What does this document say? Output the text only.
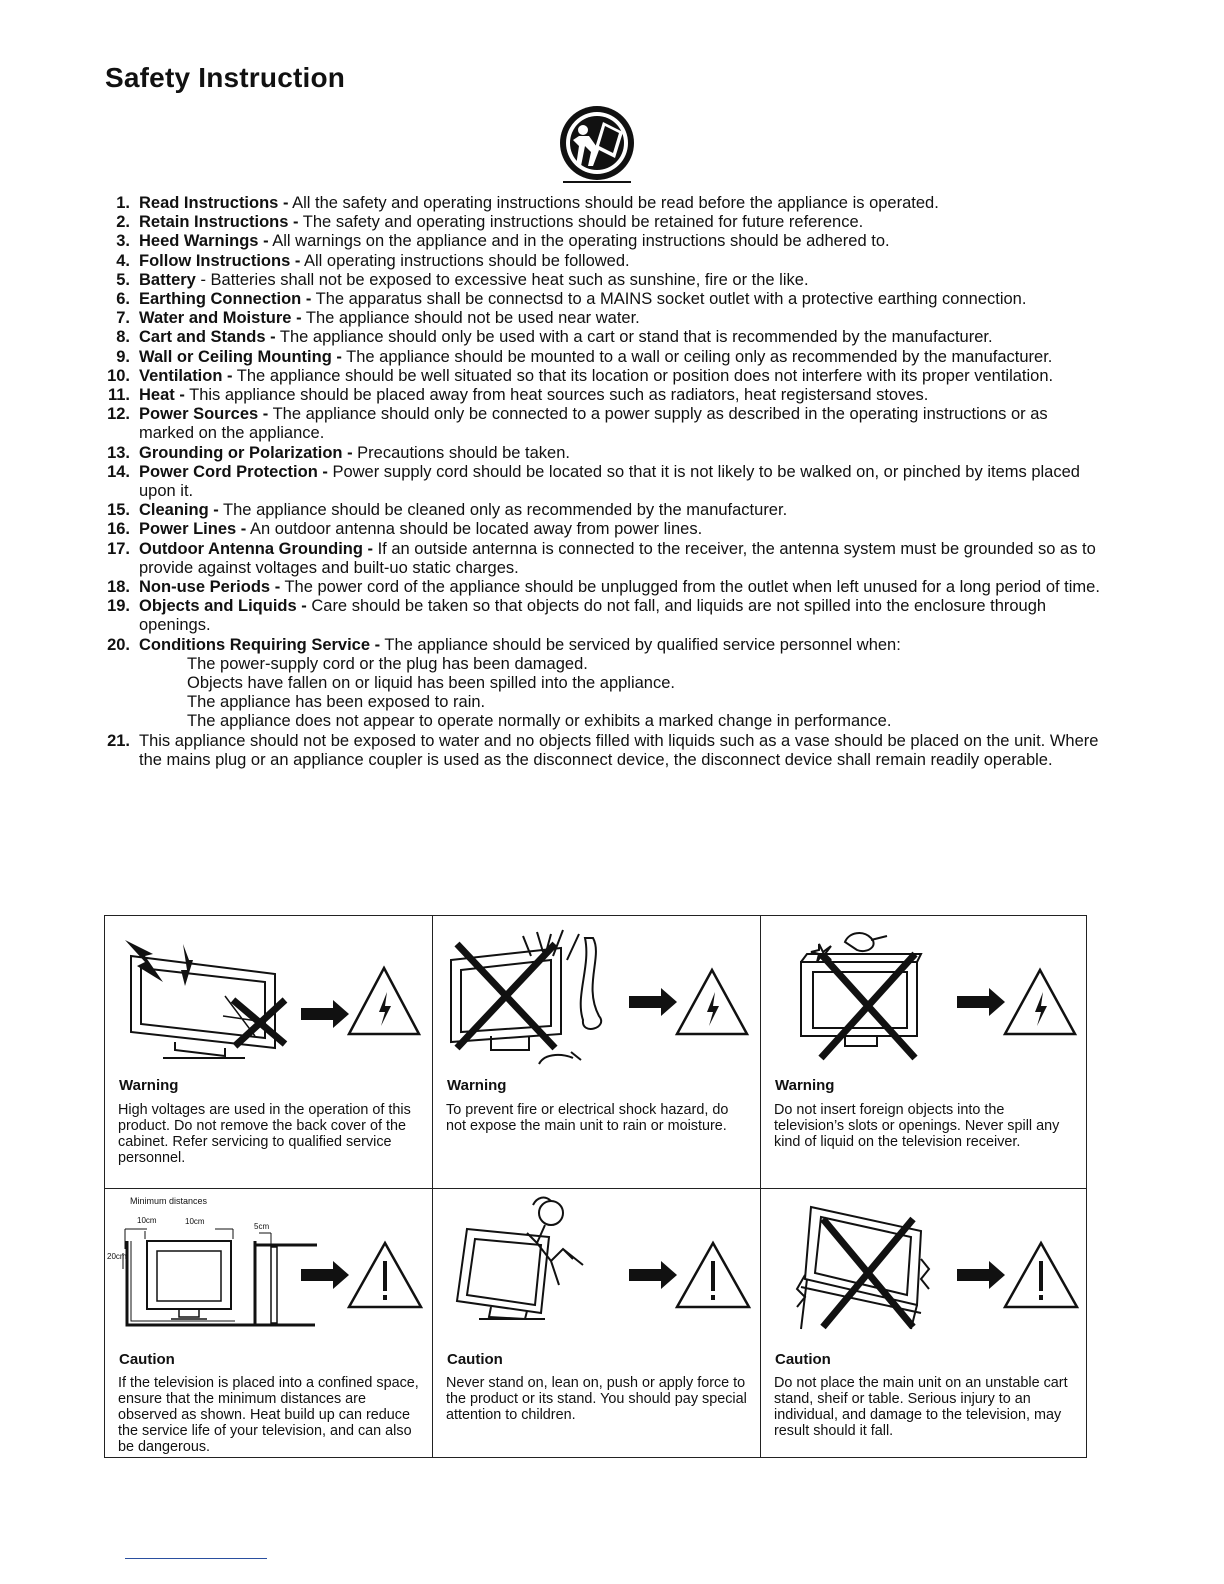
Safety Instruction
1. Read Instructions - All the safety and operating instructions should be read before the appliance is operated.
2. Retain Instructions - The safety and operating instructions should be retained for future reference.
3. Heed Warnings - All warnings on the appliance and in the operating instructions should be adhered to.
4. Follow Instructions - All operating instructions should be followed.
5. Battery - Batteries shall not be exposed to excessive heat such as sunshine, fire or the like.
6. Earthing Connection - The apparatus shall be connectsd to a MAINS socket outlet with a protective earthing connection.
7. Water and Moisture - The appliance should not be used near water.
8. Cart and Stands - The appliance should only be used with a cart or stand that is recommended by the manufacturer.
9. Wall or Ceiling Mounting - The appliance should be mounted to a wall or ceiling only as recommended by the manufacturer.
10. Ventilation - The appliance should be well situated so that its location or position does not interfere with its proper ventilation.
11. Heat - This appliance should be placed away from heat sources such as radiators, heat registersand stoves.
12. Power Sources - The appliance should only be connected to a power supply as described in the operating instructions or as marked on the appliance.
13. Grounding or Polarization - Precautions should be taken.
14. Power Cord Protection - Power supply cord should be located so that it is not likely to be walked on, or pinched by items placed upon it.
15. Cleaning - The appliance should be cleaned only as recommended by the manufacturer.
16. Power Lines - An outdoor antenna should be located away from power lines.
17. Outdoor Antenna Grounding - If an outside anternna is connected to the receiver, the antenna system must be grounded so as to provide against voltages and built-uo static charges.
18. Non-use Periods - The power cord of the appliance should be unplugged from the outlet when left unused for a long period of time.
19. Objects and Liquids - Care should be taken so that objects do not fall, and liquids are not spilled into the enclosure through openings.
20. Conditions Requiring Service - The appliance should be serviced by qualified service personnel when:
The power-supply cord or the plug has been damaged.
Objects have fallen on or liquid has been spilled into the appliance.
The appliance has been exposed to rain.
The appliance does not appear to operate normally or exhibits a marked change in performance.
21. This appliance should not be exposed to water and no objects filled with liquids such as a vase should be placed on the unit. Where the mains plug or an appliance coupler is used as the disconnect device, the disconnect device shall remain readily operable.

Warning

High voltages are used in the operation of this product. Do not remove the back cover of the cabinet. Refer servicing to qualified service personnel.

Warning

To prevent fire or electrical shock hazard, do not expose the main unit to rain or moisture.

Warning

Do not insert foreign objects into the television’s slots or openings. Never spill any kind of liquid on the television receiver.

Minimum distances
10cm	10cm
5cm
20cm

Caution

If the television is placed into a confined space, ensure that the minimum distances are observed as shown. Heat build up can reduce the service life of your television, and can also be dangerous.

Caution

Never stand on, lean on, push or apply force to the product or its stand. You should pay special attention to children.

Caution

Do not place the main unit on an unstable cart stand, sheif or table. Serious injury to an individual, and damage to the television, may result should it fall.
